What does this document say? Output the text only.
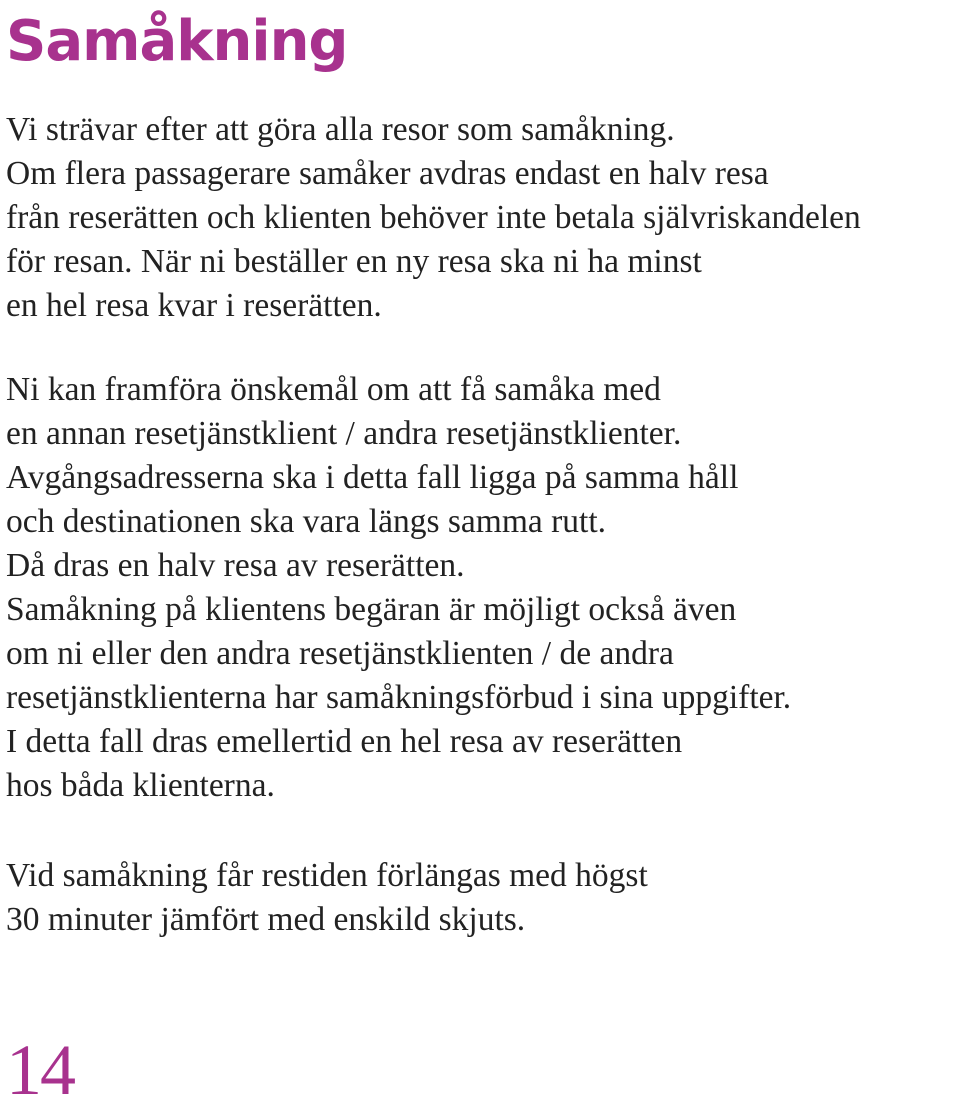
Samåkning

Vi strävar efter att göra alla resor som samåkning.
Om flera passagerare samåker avdras endast en halv resa
från reserätten och klienten behöver inte betala självriskandelen
för resan. När ni beställer en ny resa ska ni ha minst
en hel resa kvar i reserätten.

Ni kan framföra önskemål om att få samåka med
en annan resetjänstklient / andra resetjänstklienter.
Avgångsadresserna ska i detta fall ligga på samma håll
och destinationen ska vara längs samma rutt.
Då dras en halv resa av reserätten.
Samåkning på klientens begäran är möjligt också även
om ni eller den andra resetjänstklienten / de andra
resetjänstklienterna har samåkningsförbud i sina uppgifter.
I detta fall dras emellertid en hel resa av reserätten
hos båda klienterna.

Vid samåkning får restiden förlängas med högst
30 minuter jämfört med enskild skjuts.

14
